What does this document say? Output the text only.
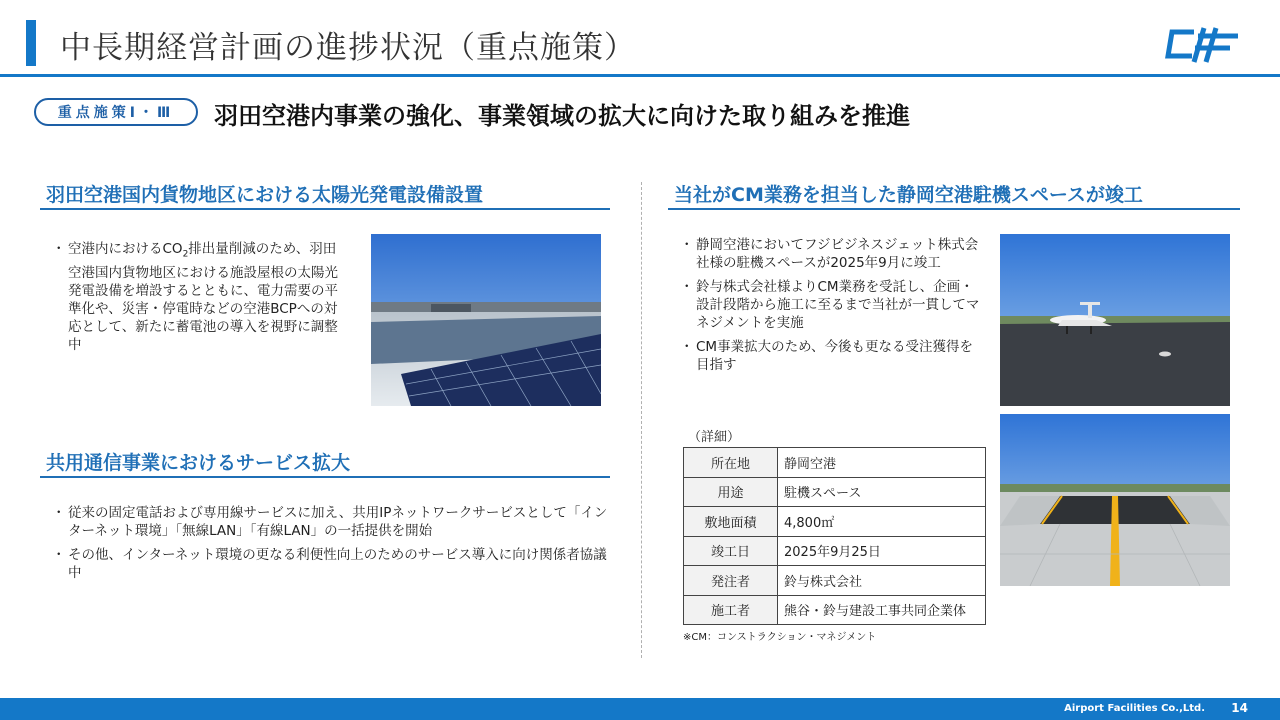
中長期経営計画の進捗状況（重点施策）
重点施策Ⅰ・Ⅲ 羽田空港内事業の強化、事業領域の拡大に向けた取り組みを推進
羽田空港国内貨物地区における太陽光発電設備設置
・ 空港内における$CO_2$排出量削減のため、羽田空港国内貨物地区における施設屋根の太陽光発電設備を増設するとともに、電力需要の平準化や、災害・停電時などの空港BCPへの対応として、新たに蓄電池の導入を視野に調整中
共用通信事業におけるサービス拡大
・ 従来の固定電話および専用線サービスに加え、共用IPネットワークサービスとして「インターネット環境」「無線LAN」「有線LAN」の一括提供を開始
・ その他、インターネット環境の更なる利便性向上のためのサービス導入に向け関係者協議中
当社がCM業務を担当した静岡空港駐機スペースが竣工
・ 静岡空港においてフジビジネスジェット株式会社様の駐機スペースが2025年9月に竣工
・ 鈴与株式会社様よりCM業務を受託し、企画・設計段階から施工に至るまで当社が一貫してマネジメントを実施
・ CM事業拡大のため、今後も更なる受注獲得を目指す
（詳細）
所在地	静岡空港
用途	駐機スペース
敷地面積	4,800㎡
竣工日	2025年9月25日
発注者	鈴与株式会社
施工者	熊谷・鈴与建設工事共同企業体
※CM：コンストラクション・マネジメント
Airport Facilities Co.,Ltd. 14
